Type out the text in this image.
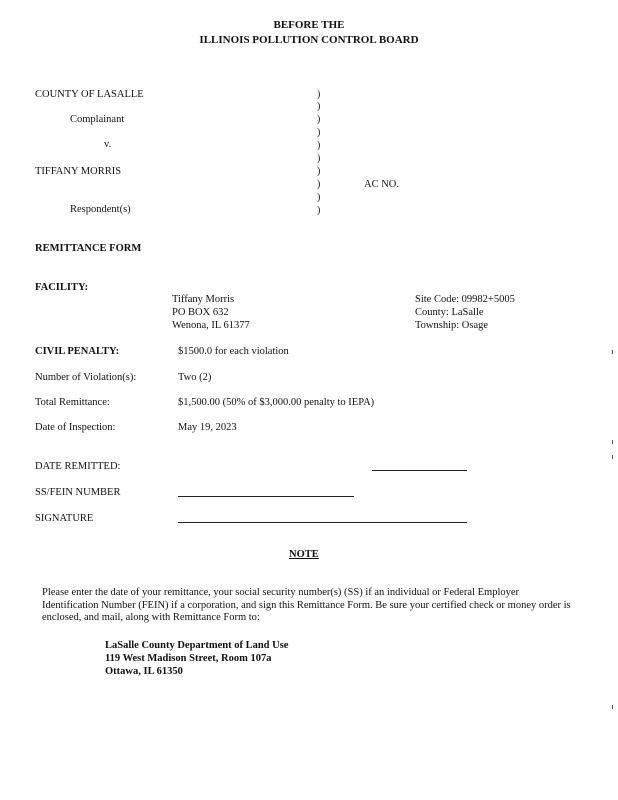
BEFORE THE
ILLINOIS POLLUTION CONTROL BOARD
COUNTY OF LASALLE
Complainant
v.
TIFFANY MORRIS
Respondent(s)
AC NO.
)
)
)
)
)
)
)
)
)
)
REMITTANCE FORM
FACILITY:
Tiffany Morris
PO BOX 632
Wenona, IL 61377
Site Code: 09982+5005
County: LaSalle
Township: Osage
CIVIL PENALTY:	$1500.0 for each violation
Number of Violation(s):	Two (2)
Total Remittance:	$1,500.00 (50% of $3,000.00 penalty to IEPA)
Date of Inspection:	May 19, 2023
DATE REMITTED:
SS/FEIN NUMBER
SIGNATURE
NOTE
Please enter the date of your remittance, your social security number(s) (SS) if an individual or Federal Employer Identification Number (FEIN) if a corporation, and sign this Remittance Form. Be sure your certified check or money order is enclosed, and mail, along with Remittance Form to:
LaSalle County Department of Land Use
119 West Madison Street, Room 107a
Ottawa, IL 61350
